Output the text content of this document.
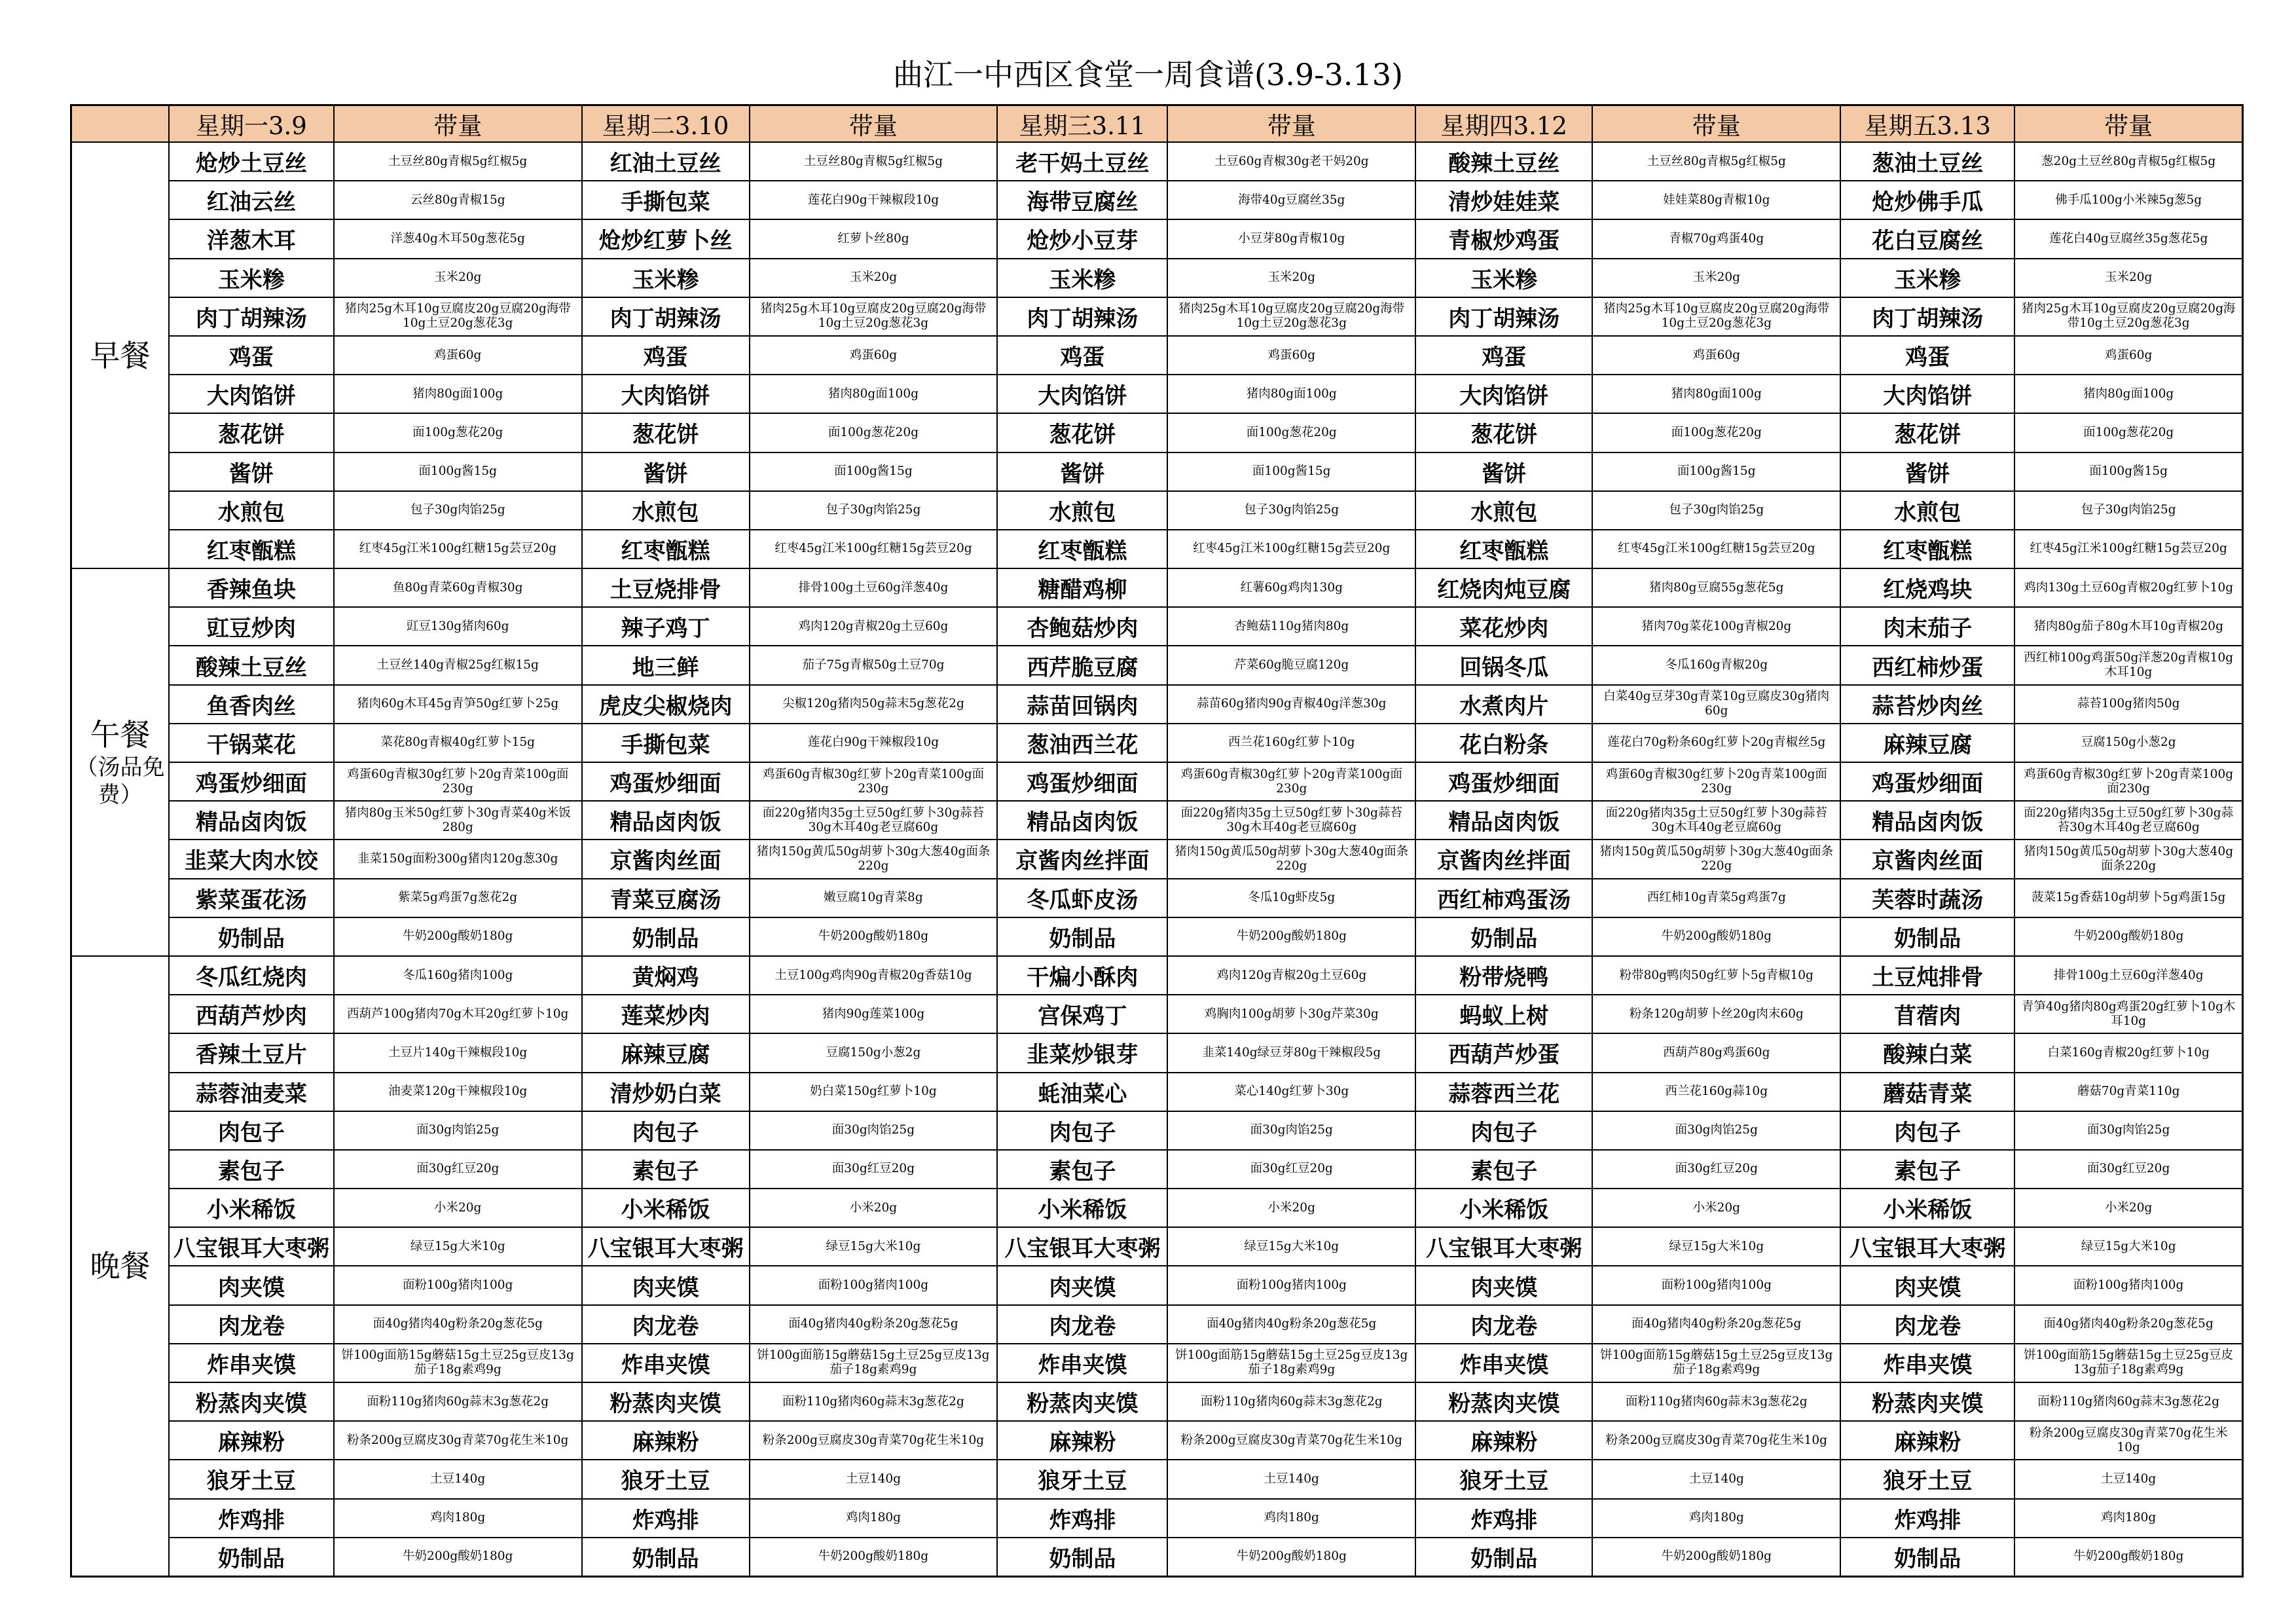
曲江一中西区食堂一周食谱(3.9-3.13)
	星期一3.9	带量	星期二3.10	带量	星期三3.11	带量	星期四3.12	带量	星期五3.13	带量
早餐	炝炒土豆丝	土豆丝80g青椒5g红椒5g	红油土豆丝	土豆丝80g青椒5g红椒5g	老干妈土豆丝	土豆60g青椒30g老干妈20g	酸辣土豆丝	土豆丝80g青椒5g红椒5g	葱油土豆丝	葱20g土豆丝80g青椒5g红椒5g
	红油云丝	云丝80g青椒15g	手撕包菜	莲花白90g干辣椒段10g	海带豆腐丝	海带40g豆腐丝35g	清炒娃娃菜	娃娃菜80g青椒10g	炝炒佛手瓜	佛手瓜100g小米辣5g葱5g
	洋葱木耳	洋葱40g木耳50g葱花5g	炝炒红萝卜丝	红萝卜丝80g	炝炒小豆芽	小豆芽80g青椒10g	青椒炒鸡蛋	青椒70g鸡蛋40g	花白豆腐丝	莲花白40g豆腐丝35g葱花5g
	玉米糁	玉米20g	玉米糁	玉米20g	玉米糁	玉米20g	玉米糁	玉米20g	玉米糁	玉米20g
	肉丁胡辣汤	猪肉25g木耳10g豆腐皮20g豆腐20g海带10g土豆20g葱花3g	肉丁胡辣汤	猪肉25g木耳10g豆腐皮20g豆腐20g海带10g土豆20g葱花3g	肉丁胡辣汤	猪肉25g木耳10g豆腐皮20g豆腐20g海带10g土豆20g葱花3g	肉丁胡辣汤	猪肉25g木耳10g豆腐皮20g豆腐20g海带10g土豆20g葱花3g	肉丁胡辣汤	猪肉25g木耳10g豆腐皮20g豆腐20g海带10g土豆20g葱花3g
	鸡蛋	鸡蛋60g	鸡蛋	鸡蛋60g	鸡蛋	鸡蛋60g	鸡蛋	鸡蛋60g	鸡蛋	鸡蛋60g
	大肉馅饼	猪肉80g面100g	大肉馅饼	猪肉80g面100g	大肉馅饼	猪肉80g面100g	大肉馅饼	猪肉80g面100g	大肉馅饼	猪肉80g面100g
	葱花饼	面100g葱花20g	葱花饼	面100g葱花20g	葱花饼	面100g葱花20g	葱花饼	面100g葱花20g	葱花饼	面100g葱花20g
	酱饼	面100g酱15g	酱饼	面100g酱15g	酱饼	面100g酱15g	酱饼	面100g酱15g	酱饼	面100g酱15g
	水煎包	包子30g肉馅25g	水煎包	包子30g肉馅25g	水煎包	包子30g肉馅25g	水煎包	包子30g肉馅25g	水煎包	包子30g肉馅25g
	红枣甑糕	红枣45g江米100g红糖15g芸豆20g	红枣甑糕	红枣45g江米100g红糖15g芸豆20g	红枣甑糕	红枣45g江米100g红糖15g芸豆20g	红枣甑糕	红枣45g江米100g红糖15g芸豆20g	红枣甑糕	红枣45g江米100g红糖15g芸豆20g
午餐
（汤品免费）	香辣鱼块	鱼80g青菜60g青椒30g	土豆烧排骨	排骨100g土豆60g洋葱40g	糖醋鸡柳	红薯60g鸡肉130g	红烧肉炖豆腐	猪肉80g豆腐55g葱花5g	红烧鸡块	鸡肉130g土豆60g青椒20g红萝卜10g
	豇豆炒肉	豇豆130g猪肉60g	辣子鸡丁	鸡肉120g青椒20g土豆60g	杏鲍菇炒肉	杏鲍菇110g猪肉80g	菜花炒肉	猪肉70g菜花100g青椒20g	肉末茄子	猪肉80g茄子80g木耳10g青椒20g
	酸辣土豆丝	土豆丝140g青椒25g红椒15g	地三鲜	茄子75g青椒50g土豆70g	西芹脆豆腐	芹菜60g脆豆腐120g	回锅冬瓜	冬瓜160g青椒20g	西红柿炒蛋	西红柿100g鸡蛋50g洋葱20g青椒10g木耳10g
	鱼香肉丝	猪肉60g木耳45g青笋50g红萝卜25g	虎皮尖椒烧肉	尖椒120g猪肉50g蒜末5g葱花2g	蒜苗回锅肉	蒜苗60g猪肉90g青椒40g洋葱30g	水煮肉片	白菜40g豆芽30g青菜10g豆腐皮30g猪肉60g	蒜苔炒肉丝	蒜苔100g猪肉50g
	干锅菜花	菜花80g青椒40g红萝卜15g	手撕包菜	莲花白90g干辣椒段10g	葱油西兰花	西兰花160g红萝卜10g	花白粉条	莲花白70g粉条60g红萝卜20g青椒丝5g	麻辣豆腐	豆腐150g小葱2g
	鸡蛋炒细面	鸡蛋60g青椒30g红萝卜20g青菜100g面230g	鸡蛋炒细面	鸡蛋60g青椒30g红萝卜20g青菜100g面230g	鸡蛋炒细面	鸡蛋60g青椒30g红萝卜20g青菜100g面230g	鸡蛋炒细面	鸡蛋60g青椒30g红萝卜20g青菜100g面230g	鸡蛋炒细面	鸡蛋60g青椒30g红萝卜20g青菜100g面230g
	精品卤肉饭	猪肉80g玉米50g红萝卜30g青菜40g米饭280g	精品卤肉饭	面220g猪肉35g土豆50g红萝卜30g蒜苔30g木耳40g老豆腐60g	精品卤肉饭	面220g猪肉35g土豆50g红萝卜30g蒜苔30g木耳40g老豆腐60g	精品卤肉饭	面220g猪肉35g土豆50g红萝卜30g蒜苔30g木耳40g老豆腐60g	精品卤肉饭	面220g猪肉35g土豆50g红萝卜30g蒜苔30g木耳40g老豆腐60g
	韭菜大肉水饺	韭菜150g面粉300g猪肉120g葱30g	京酱肉丝面	猪肉150g黄瓜50g胡萝卜30g大葱40g面条220g	京酱肉丝拌面	猪肉150g黄瓜50g胡萝卜30g大葱40g面条220g	京酱肉丝拌面	猪肉150g黄瓜50g胡萝卜30g大葱40g面条220g	京酱肉丝面	猪肉150g黄瓜50g胡萝卜30g大葱40g面条220g
	紫菜蛋花汤	紫菜5g鸡蛋7g葱花2g	青菜豆腐汤	嫩豆腐10g青菜8g	冬瓜虾皮汤	冬瓜10g虾皮5g	西红柿鸡蛋汤	西红柿10g青菜5g鸡蛋7g	芙蓉时蔬汤	菠菜15g香菇10g胡萝卜5g鸡蛋15g
	奶制品	牛奶200g酸奶180g	奶制品	牛奶200g酸奶180g	奶制品	牛奶200g酸奶180g	奶制品	牛奶200g酸奶180g	奶制品	牛奶200g酸奶180g
晚餐	冬瓜红烧肉	冬瓜160g猪肉100g	黄焖鸡	土豆100g鸡肉90g青椒20g香菇10g	干煸小酥肉	鸡肉120g青椒20g土豆60g	粉带烧鸭	粉带80g鸭肉50g红萝卜5g青椒10g	土豆炖排骨	排骨100g土豆60g洋葱40g
	西葫芦炒肉	西葫芦100g猪肉70g木耳20g红萝卜10g	莲菜炒肉	猪肉90g莲菜100g	宫保鸡丁	鸡胸肉100g胡萝卜30g芹菜30g	蚂蚁上树	粉条120g胡萝卜丝20g肉末60g	苜蓿肉	青笋40g猪肉80g鸡蛋20g红萝卜10g木耳10g
	香辣土豆片	土豆片140g干辣椒段10g	麻辣豆腐	豆腐150g小葱2g	韭菜炒银芽	韭菜140g绿豆芽80g干辣椒段5g	西葫芦炒蛋	西葫芦80g鸡蛋60g	酸辣白菜	白菜160g青椒20g红萝卜10g
	蒜蓉油麦菜	油麦菜120g干辣椒段10g	清炒奶白菜	奶白菜150g红萝卜10g	蚝油菜心	菜心140g红萝卜30g	蒜蓉西兰花	西兰花160g蒜10g	蘑菇青菜	蘑菇70g青菜110g
	肉包子	面30g肉馅25g	肉包子	面30g肉馅25g	肉包子	面30g肉馅25g	肉包子	面30g肉馅25g	肉包子	面30g肉馅25g
	素包子	面30g红豆20g	素包子	面30g红豆20g	素包子	面30g红豆20g	素包子	面30g红豆20g	素包子	面30g红豆20g
	小米稀饭	小米20g	小米稀饭	小米20g	小米稀饭	小米20g	小米稀饭	小米20g	小米稀饭	小米20g
	八宝银耳大枣粥	绿豆15g大米10g	八宝银耳大枣粥	绿豆15g大米10g	八宝银耳大枣粥	绿豆15g大米10g	八宝银耳大枣粥	绿豆15g大米10g	八宝银耳大枣粥	绿豆15g大米10g
	肉夹馍	面粉100g猪肉100g	肉夹馍	面粉100g猪肉100g	肉夹馍	面粉100g猪肉100g	肉夹馍	面粉100g猪肉100g	肉夹馍	面粉100g猪肉100g
	肉龙卷	面40g猪肉40g粉条20g葱花5g	肉龙卷	面40g猪肉40g粉条20g葱花5g	肉龙卷	面40g猪肉40g粉条20g葱花5g	肉龙卷	面40g猪肉40g粉条20g葱花5g	肉龙卷	面40g猪肉40g粉条20g葱花5g
	炸串夹馍	饼100g面筋15g蘑菇15g土豆25g豆皮13g茄子18g素鸡9g	炸串夹馍	饼100g面筋15g蘑菇15g土豆25g豆皮13g茄子18g素鸡9g	炸串夹馍	饼100g面筋15g蘑菇15g土豆25g豆皮13g茄子18g素鸡9g	炸串夹馍	饼100g面筋15g蘑菇15g土豆25g豆皮13g茄子18g素鸡9g	炸串夹馍	饼100g面筋15g蘑菇15g土豆25g豆皮13g茄子18g素鸡9g
	粉蒸肉夹馍	面粉110g猪肉60g蒜末3g葱花2g	粉蒸肉夹馍	面粉110g猪肉60g蒜末3g葱花2g	粉蒸肉夹馍	面粉110g猪肉60g蒜末3g葱花2g	粉蒸肉夹馍	面粉110g猪肉60g蒜末3g葱花2g	粉蒸肉夹馍	面粉110g猪肉60g蒜末3g葱花2g
	麻辣粉	粉条200g豆腐皮30g青菜70g花生米10g	麻辣粉	粉条200g豆腐皮30g青菜70g花生米10g	麻辣粉	粉条200g豆腐皮30g青菜70g花生米10g	麻辣粉	粉条200g豆腐皮30g青菜70g花生米10g	麻辣粉	粉条200g豆腐皮30g青菜70g花生米10g
	狼牙土豆	土豆140g	狼牙土豆	土豆140g	狼牙土豆	土豆140g	狼牙土豆	土豆140g	狼牙土豆	土豆140g
	炸鸡排	鸡肉180g	炸鸡排	鸡肉180g	炸鸡排	鸡肉180g	炸鸡排	鸡肉180g	炸鸡排	鸡肉180g
	奶制品	牛奶200g酸奶180g	奶制品	牛奶200g酸奶180g	奶制品	牛奶200g酸奶180g	奶制品	牛奶200g酸奶180g	奶制品	牛奶200g酸奶180g
